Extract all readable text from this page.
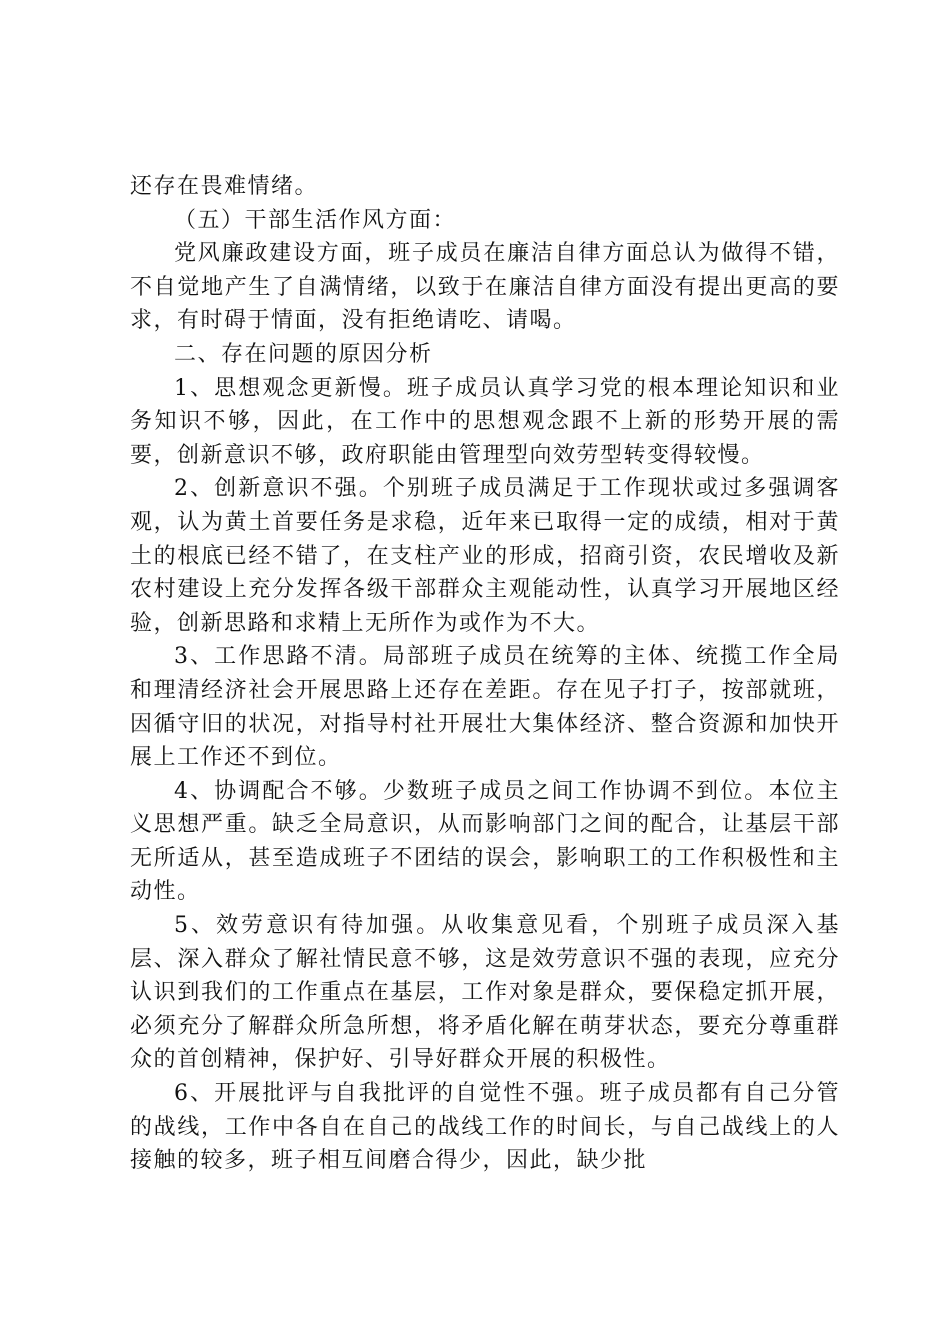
还存在畏难情绪。

（五）干部生活作风方面：

党风廉政建设方面，班子成员在廉洁自律方面总认为做得不错，不自觉地产生了自满情绪，以致于在廉洁自律方面没有提出更高的要求，有时碍于情面，没有拒绝请吃、请喝。

二、存在问题的原因分析

1、思想观念更新慢。班子成员认真学习党的根本理论知识和业务知识不够，因此，在工作中的思想观念跟不上新的形势开展的需要，创新意识不够，政府职能由管理型向效劳型转变得较慢。

2、创新意识不强。个别班子成员满足于工作现状或过多强调客观，认为黄土首要任务是求稳，近年来已取得一定的成绩，相对于黄土的根底已经不错了，在支柱产业的形成，招商引资，农民增收及新农村建设上充分发挥各级干部群众主观能动性，认真学习开展地区经验，创新思路和求精上无所作为或作为不大。

3、工作思路不清。局部班子成员在统筹的主体、统揽工作全局和理清经济社会开展思路上还存在差距。存在见子打子，按部就班，因循守旧的状况，对指导村社开展壮大集体经济、整合资源和加快开展上工作还不到位。

4、协调配合不够。少数班子成员之间工作协调不到位。本位主义思想严重。缺乏全局意识，从而影响部门之间的配合，让基层干部无所适从，甚至造成班子不团结的误会，影响职工的工作积极性和主动性。

5、效劳意识有待加强。从收集意见看，个别班子成员深入基层、深入群众了解社情民意不够，这是效劳意识不强的表现，应充分认识到我们的工作重点在基层，工作对象是群众，要保稳定抓开展，必须充分了解群众所急所想，将矛盾化解在萌芽状态，要充分尊重群众的首创精神，保护好、引导好群众开展的积极性。

6、开展批评与自我批评的自觉性不强。班子成员都有自己分管的战线，工作中各自在自己的战线工作的时间长，与自己战线上的人接触的较多，班子相互间磨合得少，因此，缺少批
